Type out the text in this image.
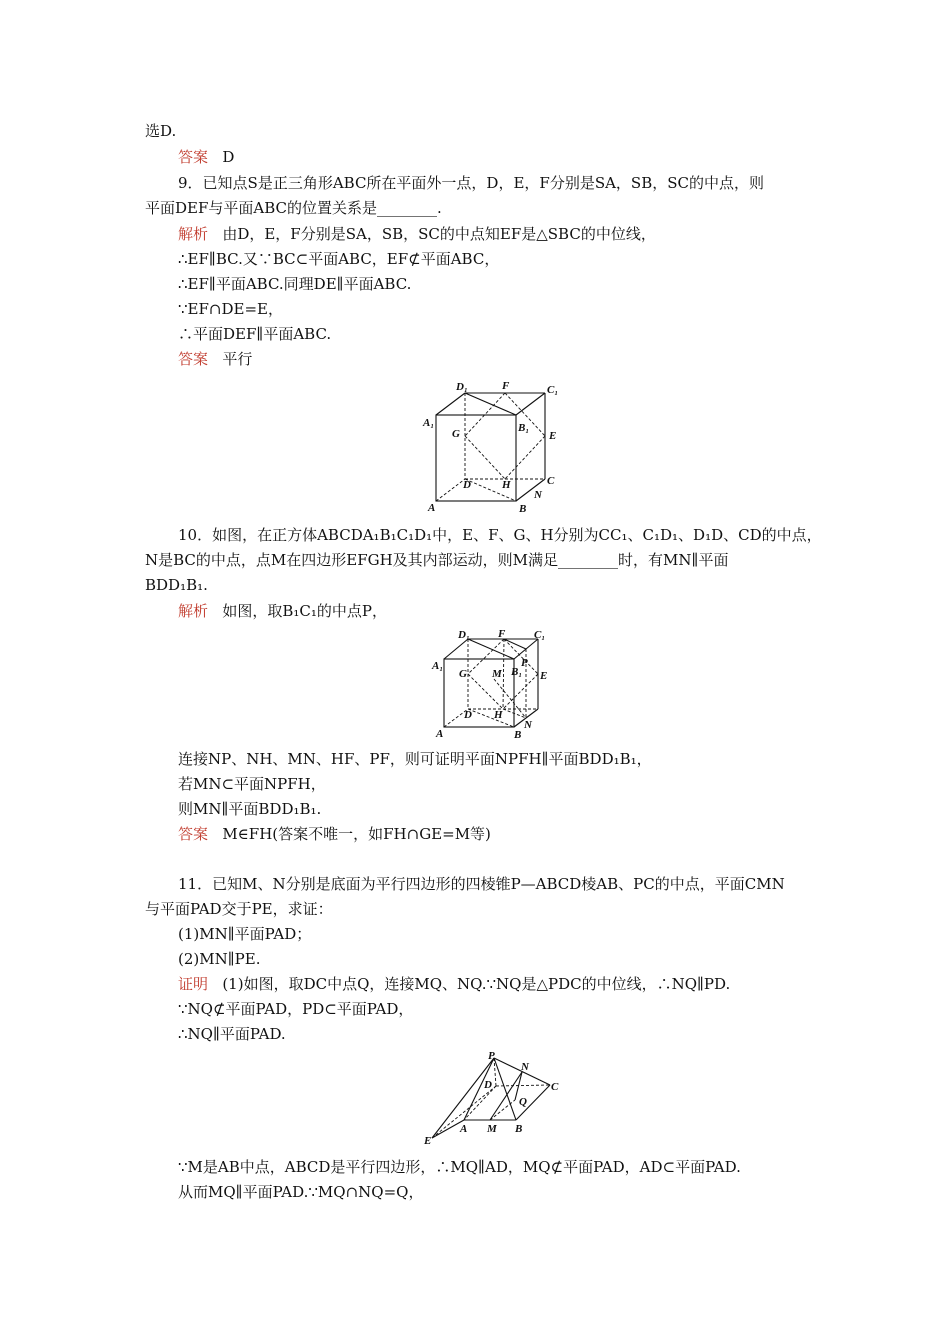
选D.
答案 D
9．已知点S是正三角形ABC所在平面外一点，D，E，F分别是SA，SB，SC的中点，则
平面DEF与平面ABC的位置关系是________.
解析 由D，E，F分别是SA，SB，SC的中点知EF是△SBC的中位线，
∴EF∥BC.又∵BC⊂平面ABC，EF⊄平面ABC，
∴EF∥平面ABC.同理DE∥平面ABC.
∵EF∩DE=E，
∴平面DEF∥平面ABC.
答案 平行
D₁	F	C₁
A₁
G	B₁
E
D	H	C
A
N
B
10．如图，在正方体ABCDA₁B₁C₁D₁中，E、F、G、H分别为CC₁、C₁D₁、D₁D、CD的中点，
N是BC的中点，点M在四边形EFGH及其内部运动，则M满足________时，有MN∥平面
BDD₁B₁.
解析 如图，取B₁C₁的中点P，
D₁	F	C₁
A₁
G M B₁
P
E
D H
N
A	B
连接NP、NH、MN、HF、PF，则可证明平面NPFH∥平面BDD₁B₁，
若MN⊂平面NPFH，
则MN∥平面BDD₁B₁.
答案 M∈FH(答案不唯一，如FH∩GE=M等)
11．已知M、N分别是底面为平行四边形的四棱锥P—ABCD棱AB、PC的中点，平面CMN
与平面PAD交于PE，求证：
(1)MN∥平面PAD；
(2)MN∥PE.
证明 (1)如图，取DC中点Q，连接MQ、NQ.∵NQ是△PDC的中位线，∴NQ∥PD.
∵NQ⊄平面PAD，PD⊂平面PAD，
∴NQ∥平面PAD.
P
N
D	C
Q
A M B
E
∵M是AB中点，ABCD是平行四边形，∴MQ∥AD，MQ⊄平面PAD，AD⊂平面PAD.
从而MQ∥平面PAD.∵MQ∩NQ=Q，
